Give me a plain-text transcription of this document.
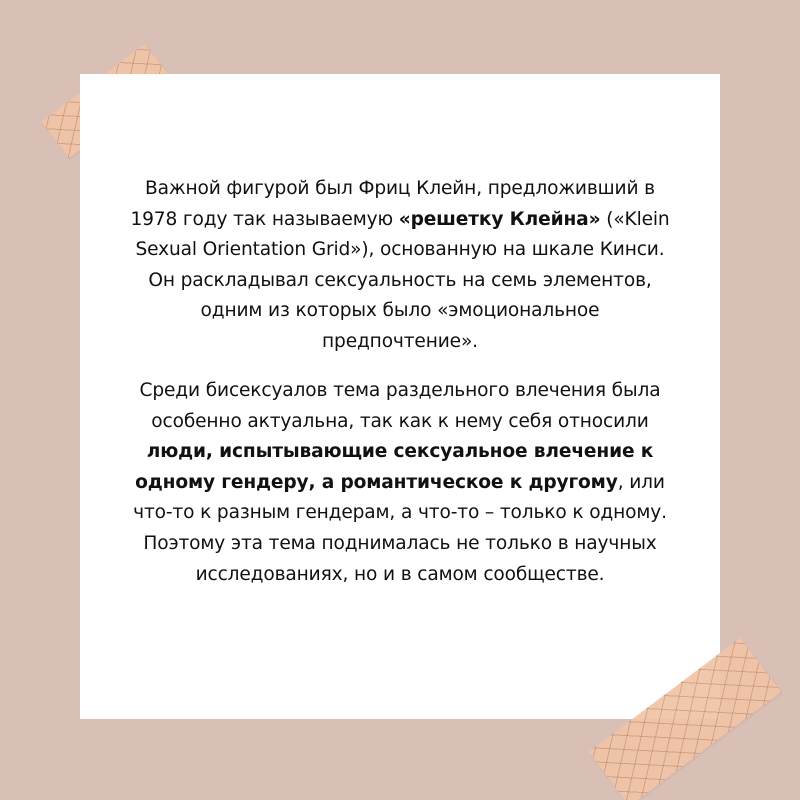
Важной фигурой был Фриц Клейн, предложивший в
1978 году так называемую «решетку Клейна» («Klein
Sexual Orientation Grid»), основанную на шкале Кинси.
Он раскладывал сексуальность на семь элементов,
одним из которых было «эмоциональное
предпочтение».
Среди бисексуалов тема раздельного влечения была
особенно актуальна, так как к нему себя относили
люди, испытывающие сексуальное влечение к
одному гендеру, а романтическое к другому, или
что-то к разным гендерам, а что-то – только к одному.
Поэтому эта тема поднималась не только в научных
исследованиях, но и в самом сообществе.
